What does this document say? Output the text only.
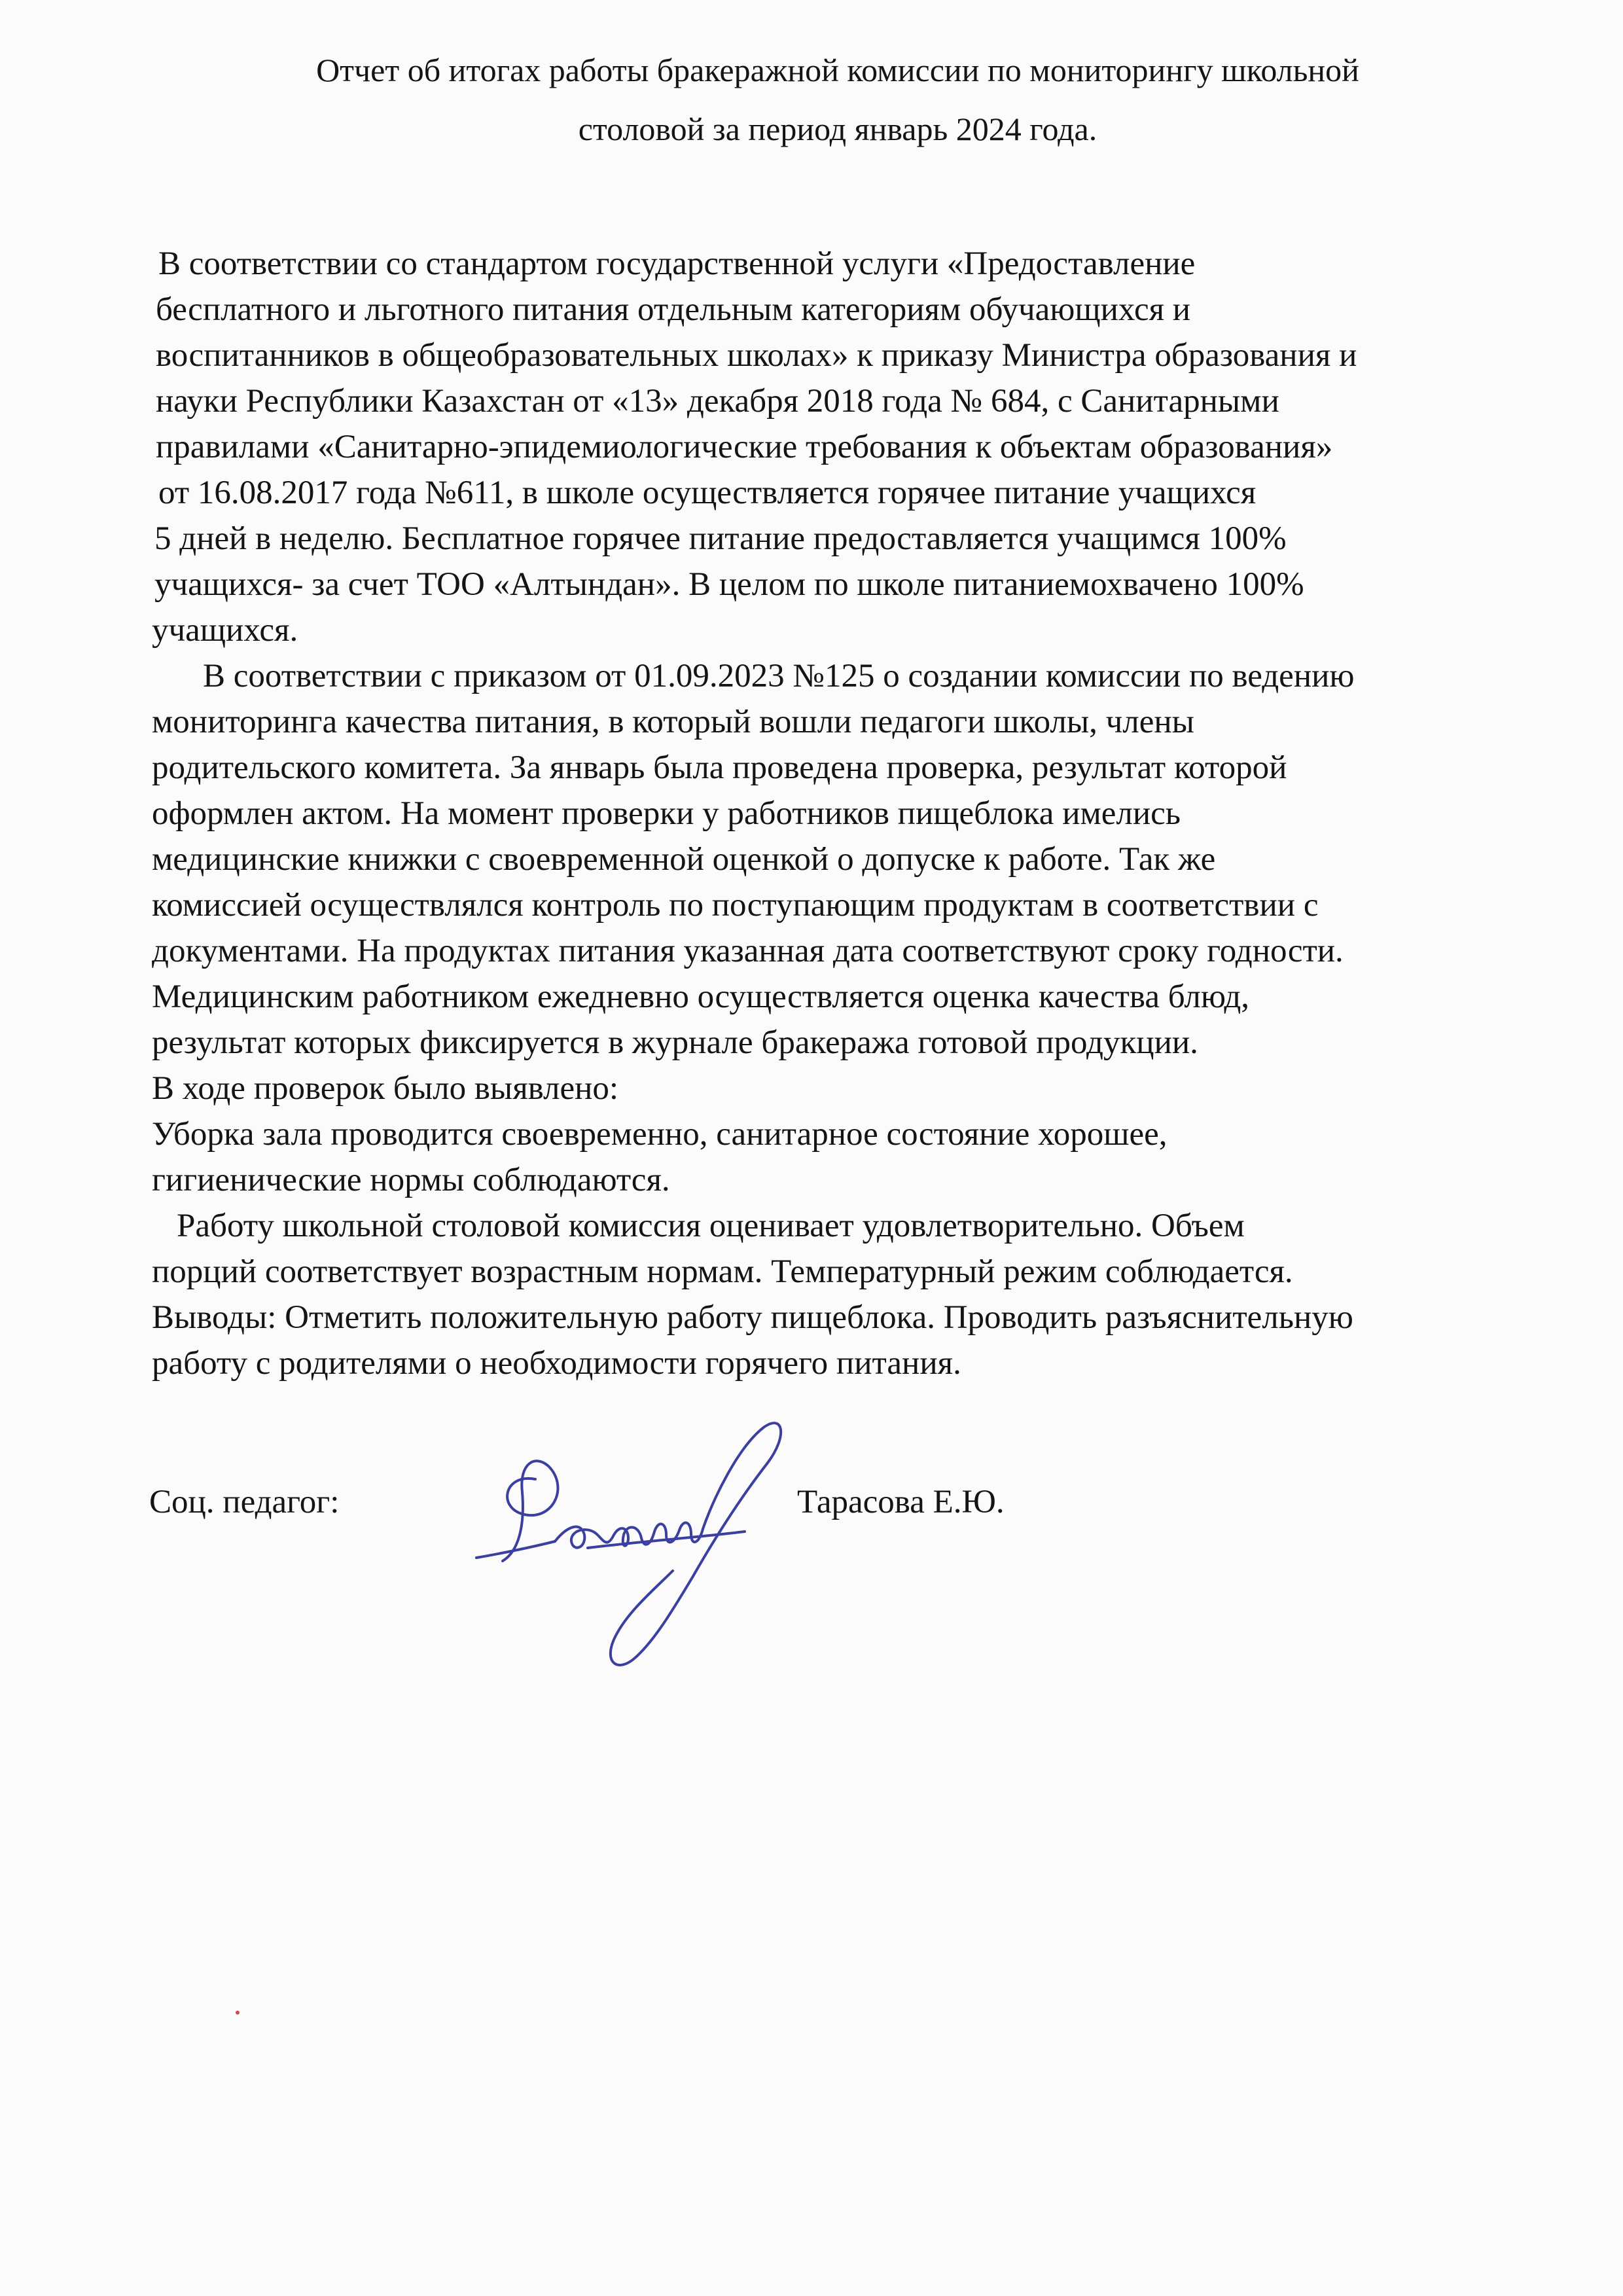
Отчет об итогах работы бракеражной комиссии по мониторингу школьной
столовой за период январь 2024 года.
В соответствии со стандартом государственной услуги «Предоставление
бесплатного и льготного питания отдельным категориям обучающихся и
воспитанников в общеобразовательных школах» к приказу Министра образования и
науки Республики Казахстан от «13» декабря 2018 года № 684, с Санитарными
правилами «Санитарно-эпидемиологические требования к объектам образования»
от 16.08.2017 года №611, в школе осуществляется горячее питание учащихся
5 дней в неделю. Бесплатное горячее питание предоставляется учащимся 100%
учащихся- за счет ТОО «Алтындан». В целом по школе питаниемохвачено 100%
учащихся.
В соответствии с приказом от 01.09.2023 №125 о создании комиссии по ведению
мониторинга качества питания, в который вошли педагоги школы, члены
родительского комитета. За январь была проведена проверка, результат которой
оформлен актом. На момент проверки у работников пищеблока имелись
медицинские книжки с своевременной оценкой о допуске к работе. Так же
комиссией осуществлялся контроль по поступающим продуктам в соответствии с
документами. На продуктах питания указанная дата соответствуют сроку годности.
Медицинским работником ежедневно осуществляется оценка качества блюд,
результат которых фиксируется в журнале бракеража готовой продукции.
В ходе проверок было выявлено:
Уборка зала проводится своевременно, санитарное состояние хорошее,
гигиенические нормы соблюдаются.
Работу школьной столовой комиссия оценивает удовлетворительно. Объем
порций соответствует возрастным нормам. Температурный режим соблюдается.
Выводы: Отметить положительную работу пищеблока. Проводить разъяснительную
работу с родителями о необходимости горячего питания.
Соц. педагог:	Тарасова Е.Ю.
